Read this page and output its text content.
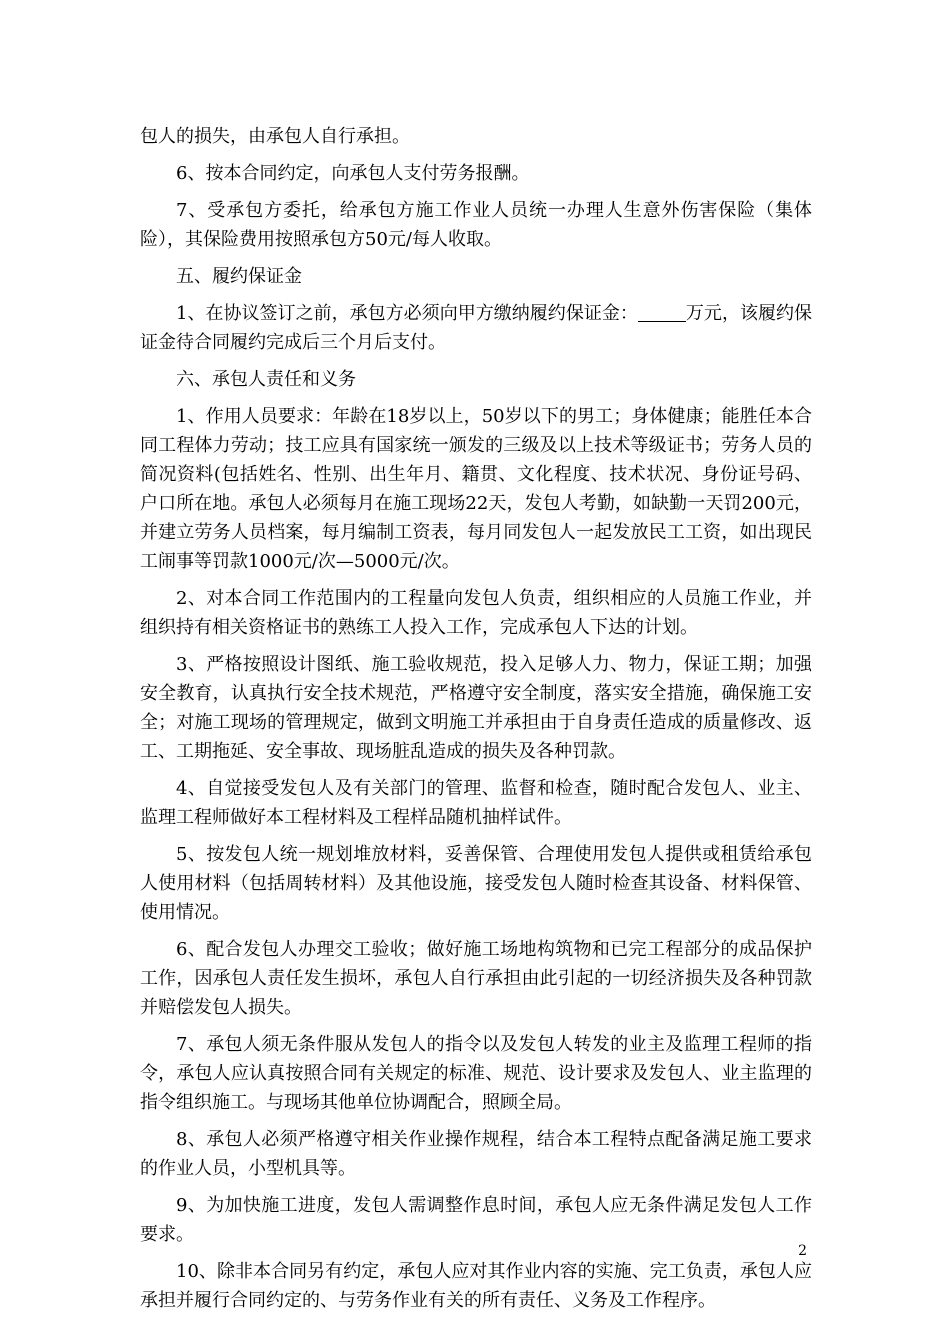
包人的损失，由承包人自行承担。

6、按本合同约定，向承包人支付劳务报酬。

7、受承包方委托，给承包方施工作业人员统一办理人生意外伤害保险（集体险），其保险费用按照承包方50元/每人收取。

五、履约保证金

1、在协议签订之前，承包方必须向甲方缴纳履约保证金：	万元，该履约保证金待合同履约完成后三个月后支付。

六、承包人责任和义务

1、作用人员要求：年龄在18岁以上，50岁以下的男工；身体健康；能胜任本合同工程体力劳动；技工应具有国家统一颁发的三级及以上技术等级证书；劳务人员的简况资料(包括姓名、性别、出生年月、籍贯、文化程度、技术状况、身份证号码、户口所在地。承包人必须每月在施工现场22天，发包人考勤，如缺勤一天罚200元，并建立劳务人员档案，每月编制工资表，每月同发包人一起发放民工工资，如出现民工闹事等罚款1000元/次—5000元/次。

2、对本合同工作范围内的工程量向发包人负责，组织相应的人员施工作业，并组织持有相关资格证书的熟练工人投入工作，完成承包人下达的计划。

3、严格按照设计图纸、施工验收规范，投入足够人力、物力，保证工期；加强安全教育，认真执行安全技术规范，严格遵守安全制度，落实安全措施，确保施工安全；对施工现场的管理规定，做到文明施工并承担由于自身责任造成的质量修改、返工、工期拖延、安全事故、现场脏乱造成的损失及各种罚款。

4、自觉接受发包人及有关部门的管理、监督和检查，随时配合发包人、业主、监理工程师做好本工程材料及工程样品随机抽样试件。

5、按发包人统一规划堆放材料，妥善保管、合理使用发包人提供或租赁给承包人使用材料（包括周转材料）及其他设施，接受发包人随时检查其设备、材料保管、使用情况。

6、配合发包人办理交工验收；做好施工场地构筑物和已完工程部分的成品保护工作，因承包人责任发生损坏，承包人自行承担由此引起的一切经济损失及各种罚款并赔偿发包人损失。

7、承包人须无条件服从发包人的指令以及发包人转发的业主及监理工程师的指令，承包人应认真按照合同有关规定的标准、规范、设计要求及发包人、业主监理的指令组织施工。与现场其他单位协调配合，照顾全局。

8、承包人必须严格遵守相关作业操作规程，结合本工程特点配备满足施工要求的作业人员，小型机具等。

9、为加快施工进度，发包人需调整作息时间，承包人应无条件满足发包人工作要求。

10、除非本合同另有约定，承包人应对其作业内容的实施、完工负责，承包人应承担并履行合同约定的、与劳务作业有关的所有责任、义务及工作程序。

2
